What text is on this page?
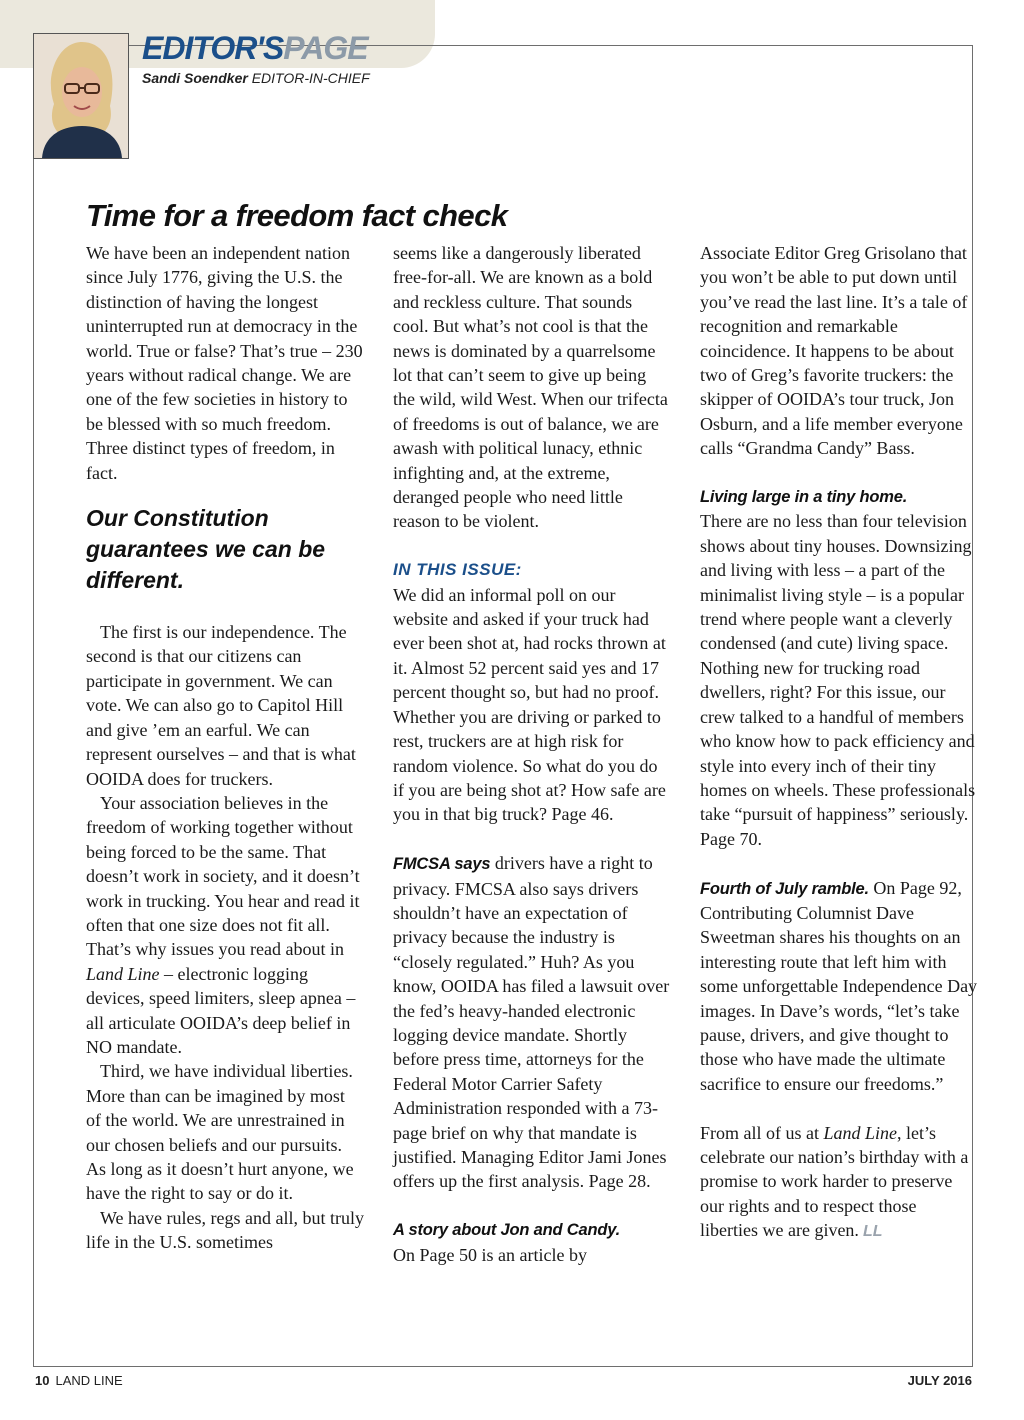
EDITOR'SPAGE
Sandi Soendker EDITOR-IN-CHIEF
Time for a freedom fact check

We have been an independent nation since July 1776, giving the U.S. the distinction of having the longest uninterrupted run at democracy in the world. True or false? That’s true – 230 years without radical change. We are one of the few societies in history to be blessed with so much freedom. Three distinct types of freedom, in fact.

Our Constitution guarantees we can be different.

The first is our independence. The second is that our citizens can participate in government. We can vote. We can also go to Capitol Hill and give ’em an earful. We can represent ourselves – and that is what OOIDA does for truckers.

Your association believes in the freedom of working together without being forced to be the same. That doesn’t work in society, and it doesn’t work in trucking. You hear and read it often that one size does not fit all. That’s why issues you read about in Land Line – electronic logging devices, speed limiters, sleep apnea – all articulate OOIDA’s deep belief in NO mandate.

Third, we have individual liberties. More than can be imagined by most of the world. We are unrestrained in our chosen beliefs and our pursuits. As long as it doesn’t hurt anyone, we have the right to say or do it.

We have rules, regs and all, but truly life in the U.S. sometimes

seems like a dangerously liberated free-for-all. We are known as a bold and reckless culture. That sounds cool. But what’s not cool is that the news is dominated by a quarrelsome lot that can’t seem to give up being the wild, wild West. When our trifecta of freedoms is out of balance, we are awash with political lunacy, ethnic infighting and, at the extreme, deranged people who need little reason to be violent.

IN THIS ISSUE:

We did an informal poll on our website and asked if your truck had ever been shot at, had rocks thrown at it. Almost 52 percent said yes and 17 percent thought so, but had no proof. Whether you are driving or parked to rest, truckers are at high risk for random violence. So what do you do if you are being shot at? How safe are you in that big truck? Page 46.

FMCSA says drivers have a right to privacy. FMCSA also says drivers shouldn’t have an expectation of privacy because the industry is “closely regulated.” Huh? As you know, OOIDA has filed a lawsuit over the fed’s heavy-handed electronic logging device mandate. Shortly before press time, attorneys for the Federal Motor Carrier Safety Administration responded with a 73-page brief on why that mandate is justified. Managing Editor Jami Jones offers up the first analysis. Page 28.

A story about Jon and Candy.

On Page 50 is an article by

Associate Editor Greg Grisolano that you won’t be able to put down until you’ve read the last line. It’s a tale of recognition and remarkable coincidence. It happens to be about two of Greg’s favorite truckers: the skipper of OOIDA’s tour truck, Jon Osburn, and a life member everyone calls “Grandma Candy” Bass.

Living large in a tiny home.

There are no less than four television shows about tiny houses. Downsizing and living with less – a part of the minimalist living style – is a popular trend where people want a cleverly condensed (and cute) living space. Nothing new for trucking road dwellers, right? For this issue, our crew talked to a handful of members who know how to pack efficiency and style into every inch of their tiny homes on wheels. These professionals take “pursuit of happiness” seriously. Page 70.

Fourth of July ramble. On Page 92, Contributing Columnist Dave Sweetman shares his thoughts on an interesting route that left him with some unforgettable Independence Day images. In Dave’s words, “let’s take pause, drivers, and give thought to those who have made the ultimate sacrifice to ensure our freedoms.”

From all of us at Land Line, let’s celebrate our nation’s birthday with a promise to work harder to preserve our rights and to respect those liberties we are given. LL

10 LAND LINE	JULY 2016
